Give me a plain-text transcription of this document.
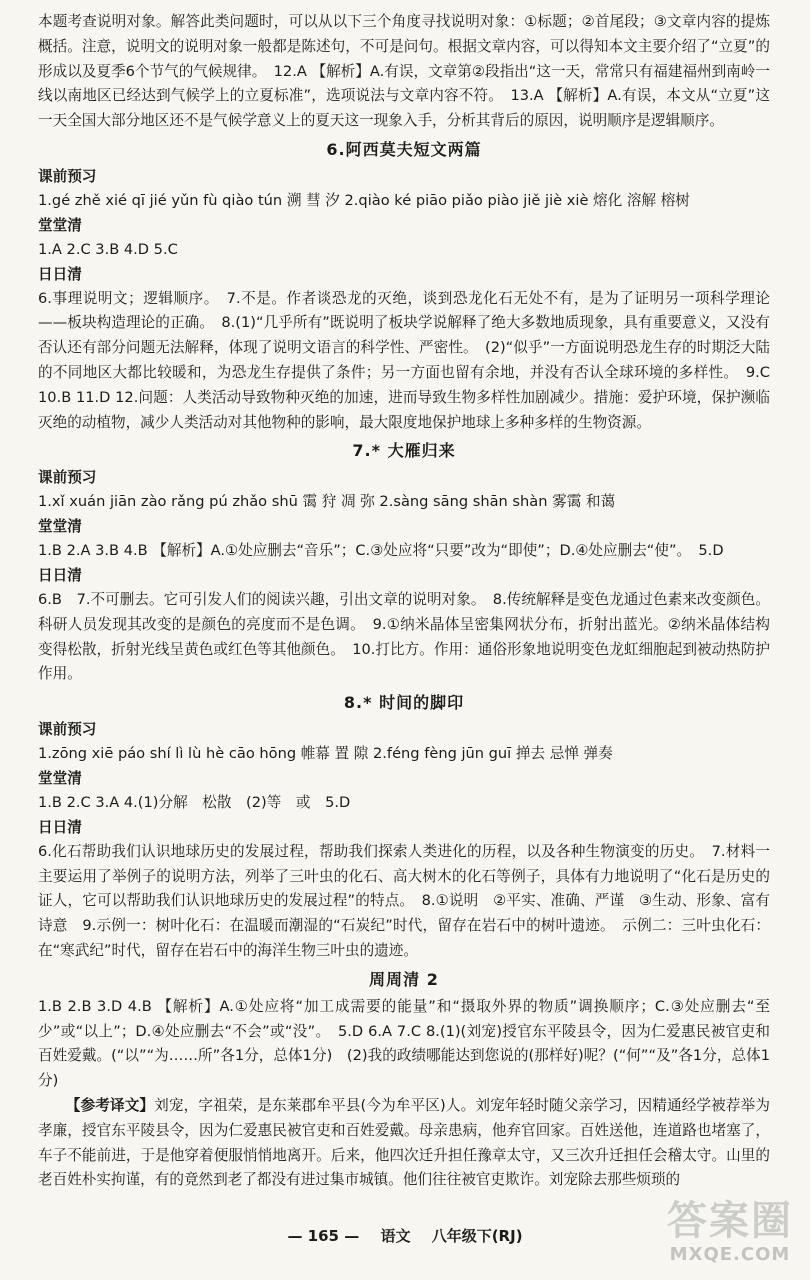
本题考查说明对象。解答此类问题时，可以从以下三个角度寻找说明对象：①标题；②首尾段；③文章内容的提炼概括。注意，说明文的说明对象一般都是陈述句，不可是问句。根据文章内容，可以得知本文主要介绍了“立夏”的形成以及夏季6个节气的气候规律。　12.A 【解析】A.有误，文章第②段指出“这一天，常常只有福建福州到南岭一线以南地区已经达到气候学上的立夏标准”，选项说法与文章内容不符。　13.A 【解析】A.有误，本文从“立夏”这一天全国大部分地区还不是气候学意义上的夏天这一现象入手，分析其背后的原因，说明顺序是逻辑顺序。

6.阿西莫夫短文两篇
课前预习

1.gé zhě xié qī jié yǔn fù qiào tún 溯 彗 汐 2.qiào ké piāo piǎo piào jiě jiè xiè 熔化 溶解 榕树

堂堂清

1.A 2.C 3.B 4.D 5.C

日日清

6.事理说明文；逻辑顺序。　7.不是。作者谈恐龙的灭绝，谈到恐龙化石无处不有，是为了证明另一项科学理论——板块构造理论的正确。　8.(1)“几乎所有”既说明了板块学说解释了绝大多数地质现象，具有重要意义，又没有否认还有部分问题无法解释，体现了说明文语言的科学性、严密性。　(2)“似乎”一方面说明恐龙生存的时期泛大陆的不同地区大都比较暖和，为恐龙生存提供了条件；另一方面也留有余地，并没有否认全球环境的多样性。　9.C 10.B 11.D 12.问题：人类活动导致物种灭绝的加速，进而导致生物多样性加剧减少。措施：爱护环境，保护濒临灭绝的动植物，减少人类活动对其他物种的影响，最大限度地保护地球上多种多样的生物资源。

7.* 大雁归来
课前预习

1.xǐ xuán jiān zào rǎng pú zhǎo shū 霭 狩 凋 弥 2.sàng sāng shān shàn 雾霭 和蔼

堂堂清

1.B 2.A 3.B 4.B 【解析】A.①处应删去“音乐”；C.③处应将“只要”改为“即使”；D.④处应删去“使”。　5.D

日日清

6.B　7.不可删去。它可引发人们的阅读兴趣，引出文章的说明对象。　8.传统解释是变色龙通过色素来改变颜色。科研人员发现其改变的是颜色的亮度而不是色调。　9.①纳米晶体呈密集网状分布，折射出蓝光。②纳米晶体结构变得松散，折射光线呈黄色或红色等其他颜色。　10.打比方。作用：通俗形象地说明变色龙虹细胞起到被动热防护作用。

8.* 时间的脚印
课前预习

1.zōng xiē páo shí lì lù hè cāo hōng 帷幕 置 隙 2.féng fèng jūn guī 掸去 忌惮 弹奏

堂堂清

1.B 2.C 3.A 4.(1)分解　松散　(2)等　或　5.D

日日清

6.化石帮助我们认识地球历史的发展过程，帮助我们探索人类进化的历程，以及各种生物演变的历史。　7.材料一主要运用了举例子的说明方法，列举了三叶虫的化石、高大树木的化石等例子，具体有力地说明了“化石是历史的证人，它可以帮助我们认识地球历史的发展过程”的特点。　8.①说明　②平实、准确、严谨　③生动、形象、富有诗意　9.示例一：树叶化石：在温暖而潮湿的“石炭纪”时代，留存在岩石中的树叶遗迹。　示例二：三叶虫化石：在“寒武纪”时代，留存在岩石中的海洋生物三叶虫的遗迹。

周周清 2

1.B 2.B 3.D 4.B 【解析】A.①处应将“加工成需要的能量”和“摄取外界的物质”调换顺序；C.③处应删去“至少”或“以上”；D.④处应删去“不会”或“没”。　5.D 6.A 7.C 8.(1)(刘宠)授官东平陵县令，因为仁爱惠民被官吏和百姓爱戴。(“以”“为……所”各1分，总体1分)　(2)我的政绩哪能达到您说的(那样好)呢？(“何”“及”各1分，总体1分)

【参考译文】刘宠，字祖荣，是东莱郡牟平县(今为牟平区)人。刘宠年轻时随父亲学习，因精通经学被荐举为孝廉，授官东平陵县令，因为仁爱惠民被官吏和百姓爱戴。母亲患病，他弃官回家。百姓送他，连道路也堵塞了，车子不能前进，于是他穿着便服悄悄地离开。后来，他四次迁升担任豫章太守，又三次升迁担任会稽太守。山里的老百姓朴实拘谨，有的竟然到老了都没有进过集市城镇。他们往往被官吏欺诈。刘宠除去那些烦琐的

— 165 — 语文 八年级下(RJ)	答案圈
MXQE.COM
